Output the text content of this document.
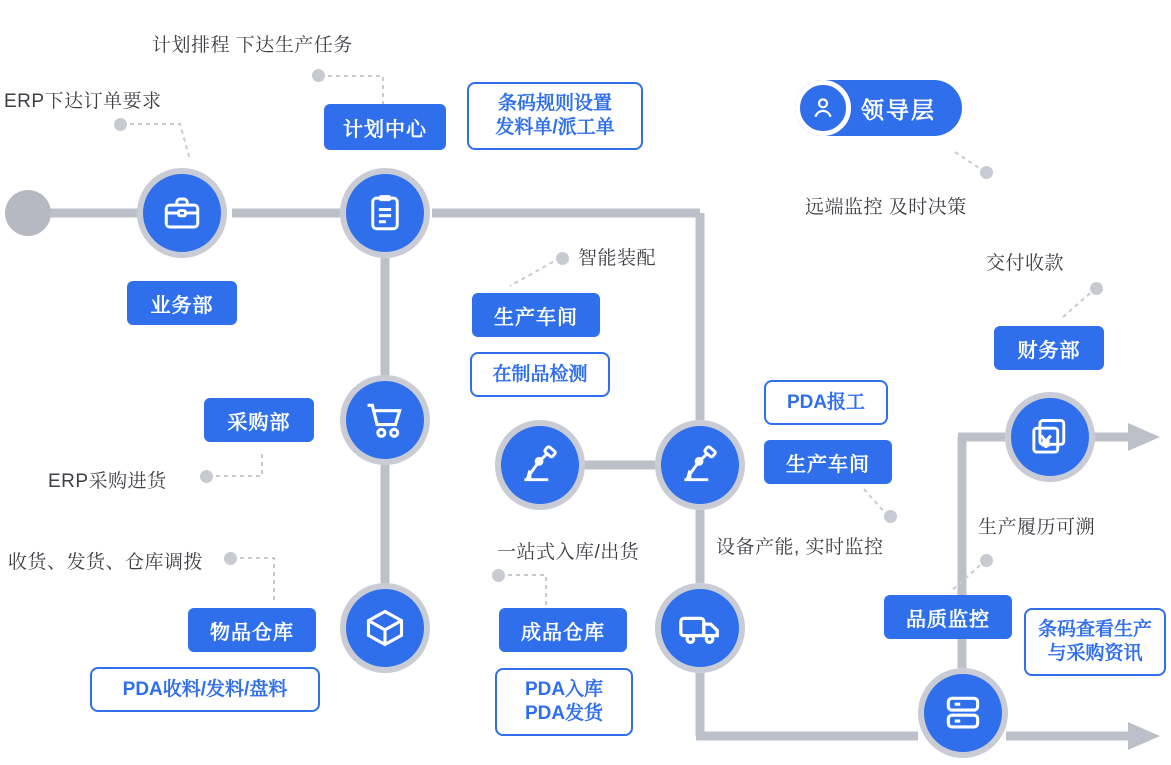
领导层
计划中心
业务部
采购部
物品仓库
生产车间
成品仓库
生产车间
财务部
品质监控
条码规则设置
发料单/派工单
在制品检测
PDA收料/发料/盘料	PDA入库
PDA发货
PDA报工
条码查看生产
与采购资讯
计划排程 下达生产任务
ERP下达订单要求
远端监控 及时决策
智能装配
ERP采购进货
收货、发货、仓库调拨	一站式入库/出货	设备产能, 实时监控
交付收款
生产履历可溯
